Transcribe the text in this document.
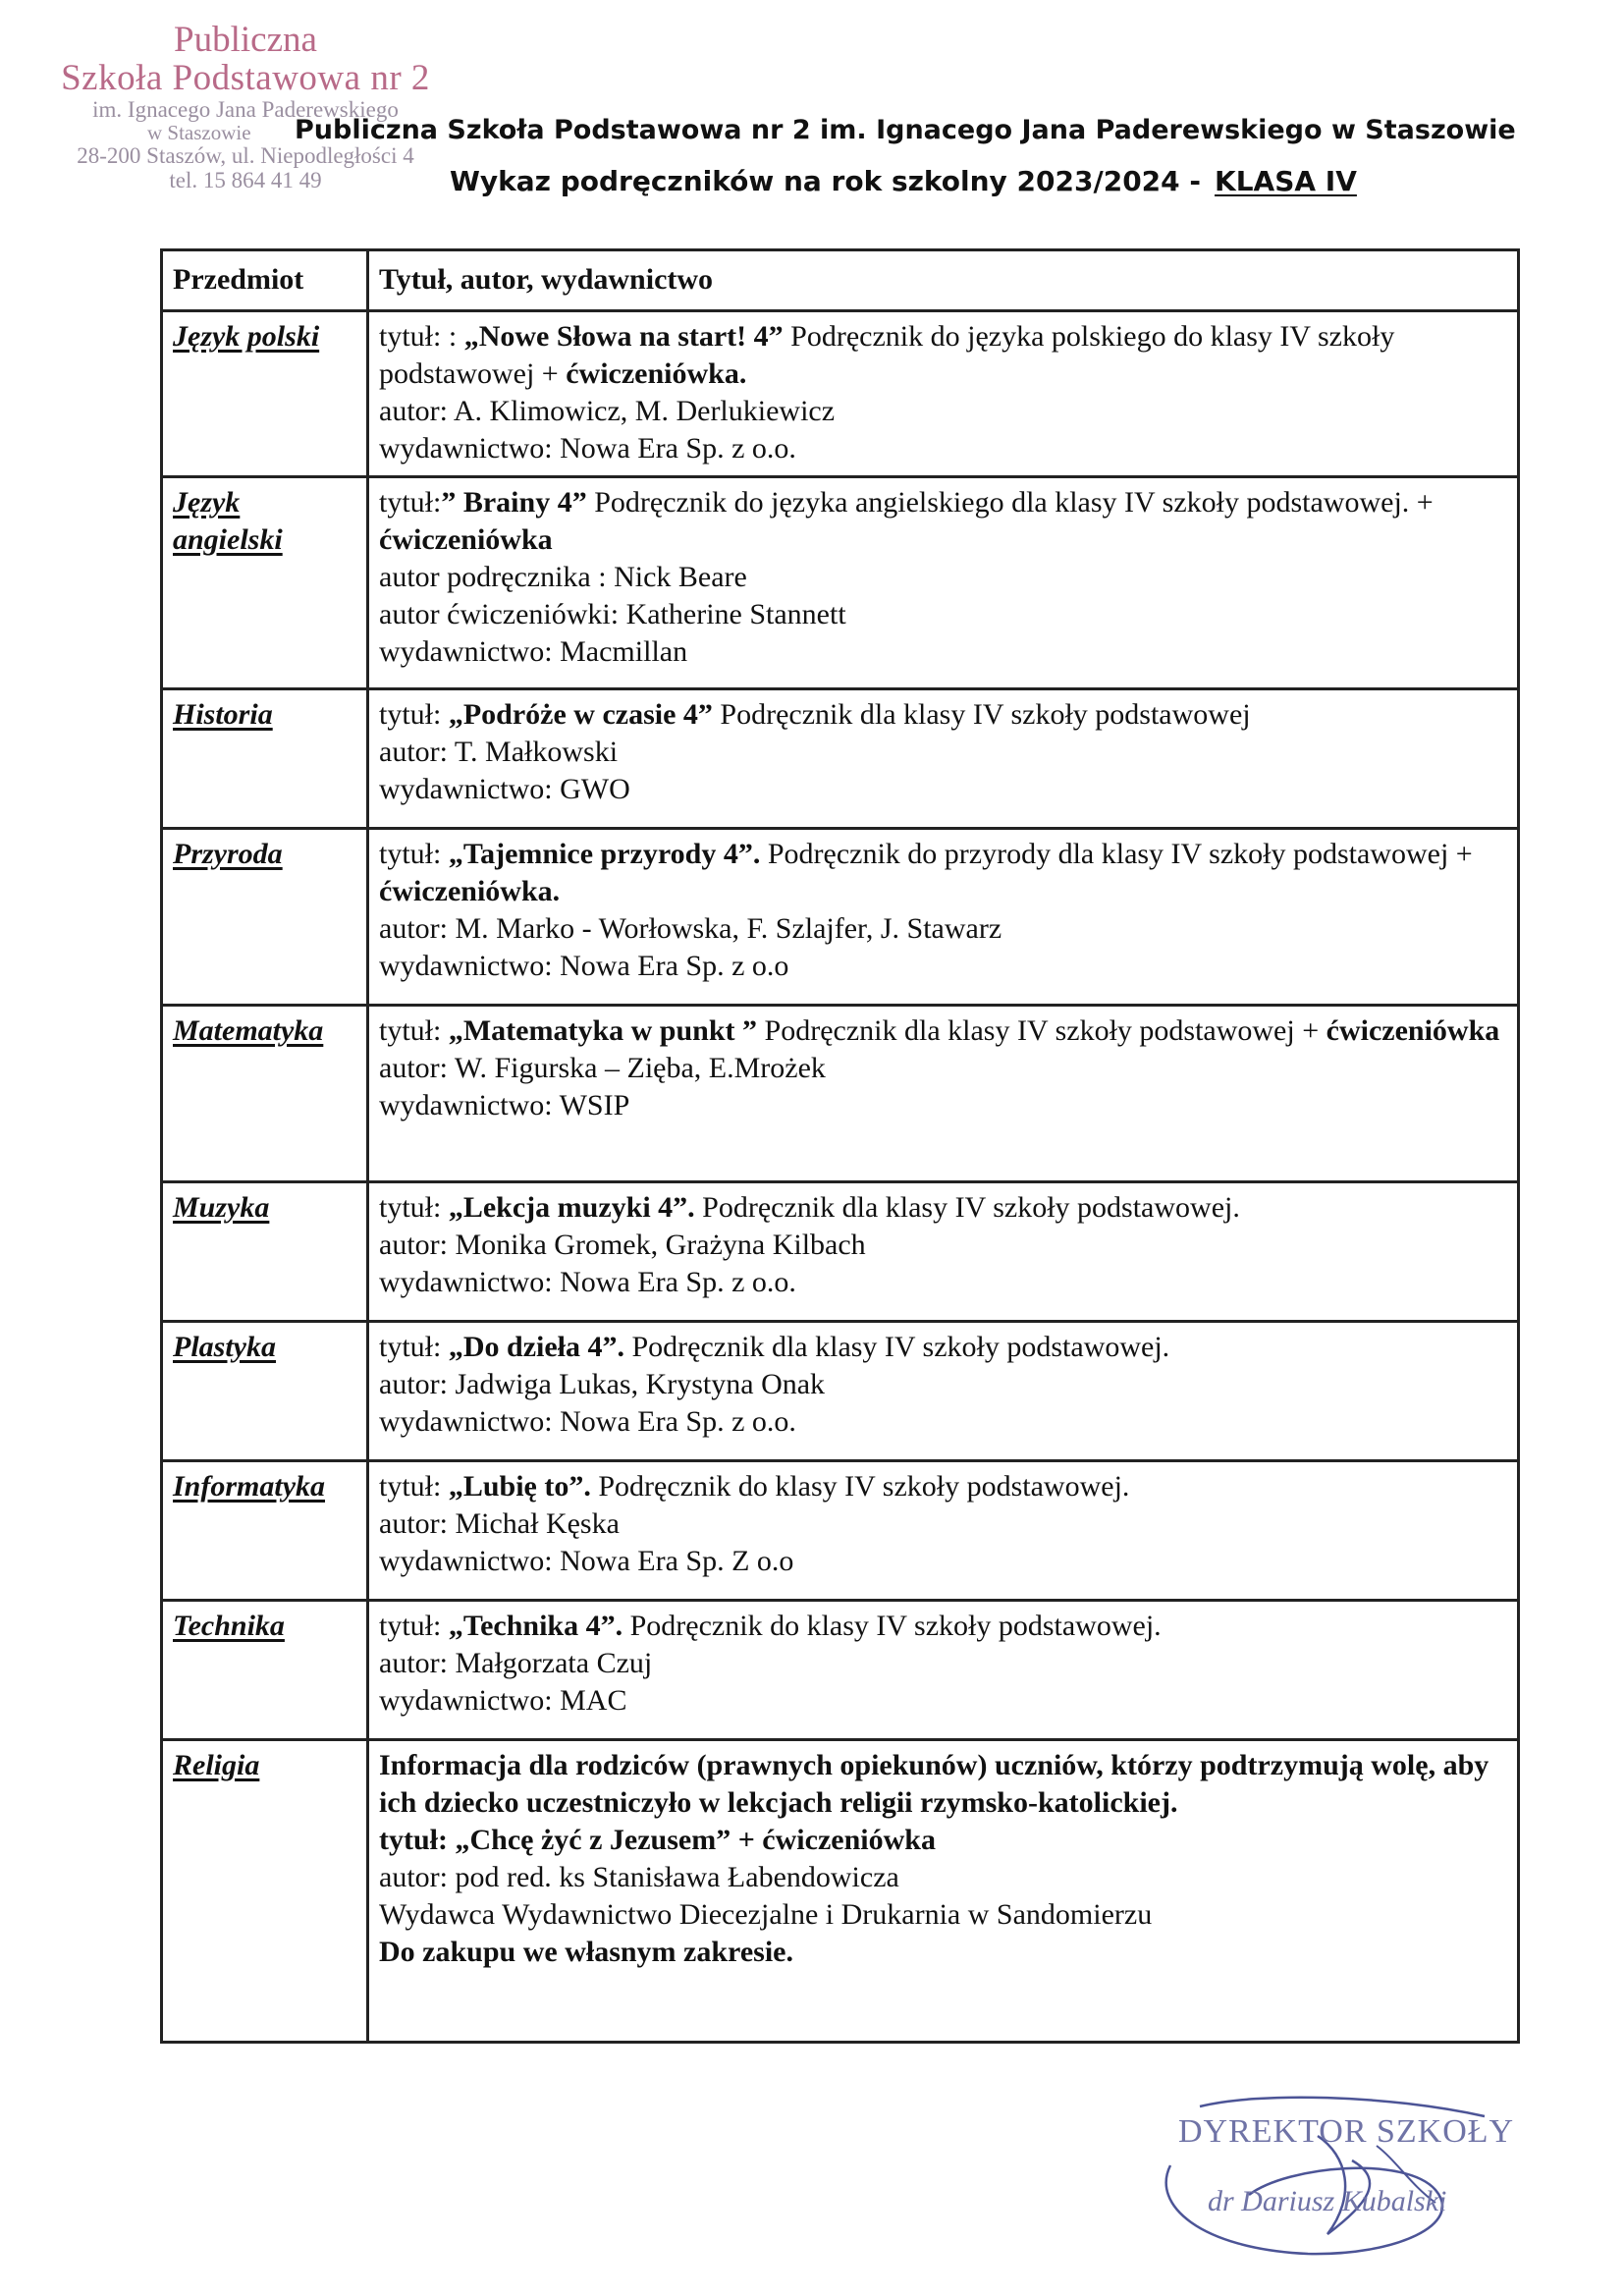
Publiczna
Szkoła Podstawowa nr 2
im. Ignacego Jana Paderewskiego
w Staszowie
28-200 Staszów, ul. Niepodległości 4
tel. 15 864 41 49
Publiczna Szkoła Podstawowa nr 2 im. Ignacego Jana Paderewskiego w Staszowie
Wykaz podręczników na rok szkolny 2023/2024 - KLASA IV
Przedmiot	Tytuł, autor, wydawnictwo
Język polski	tytuł: : „Nowe Słowa na start! 4” Podręcznik do języka polskiego do klasy IV szkoły podstawowej + ćwiczeniówka.
autor: A. Klimowicz, M. Derlukiewicz
wydawnictwo: Nowa Era Sp. z o.o.

Język angielski	tytuł:” Brainy 4” Podręcznik do języka angielskiego dla klasy IV szkoły podstawowej. + ćwiczeniówka
autor podręcznika : Nick Beare
autor ćwiczeniówki: Katherine Stannett
wydawnictwo: Macmillan

Historia	tytuł: „Podróże w czasie 4” Podręcznik dla klasy IV szkoły podstawowej
autor: T. Małkowski
wydawnictwo: GWO

Przyroda	tytuł: „Tajemnice przyrody 4”. Podręcznik do przyrody dla klasy IV szkoły podstawowej + ćwiczeniówka.
autor: M. Marko - Worłowska, F. Szlajfer, J. Stawarz
wydawnictwo: Nowa Era Sp. z o.o

Matematyka	tytuł: „Matematyka w punkt ” Podręcznik dla klasy IV szkoły podstawowej + ćwiczeniówka
autor: W. Figurska – Zięba, E.Mrożek
wydawnictwo: WSIP

Muzyka	tytuł: „Lekcja muzyki 4”. Podręcznik dla klasy IV szkoły podstawowej.
autor: Monika Gromek, Grażyna Kilbach
wydawnictwo: Nowa Era Sp. z o.o.

Plastyka	tytuł: „Do dzieła 4”. Podręcznik dla klasy IV szkoły podstawowej.
autor: Jadwiga Lukas, Krystyna Onak
wydawnictwo: Nowa Era Sp. z o.o.

Informatyka	tytuł: „Lubię to”. Podręcznik do klasy IV szkoły podstawowej.
autor: Michał Kęska
wydawnictwo: Nowa Era Sp. Z o.o

Technika	tytuł: „Technika 4”. Podręcznik do klasy IV szkoły podstawowej.
autor: Małgorzata Czuj
wydawnictwo: MAC

Religia	Informacja dla rodziców (prawnych opiekunów) uczniów, którzy podtrzymują wolę, aby ich dziecko uczestniczyło w lekcjach religii rzymsko-katolickiej.
tytuł: „Chcę żyć z Jezusem” + ćwiczeniówka
autor: pod red. ks Stanisława Łabendowicza
Wydawca Wydawnictwo Diecezjalne i Drukarnia w Sandomierzu
Do zakupu we własnym zakresie.
DYREKTOR SZKOŁY
dr Dariusz Kubalski
